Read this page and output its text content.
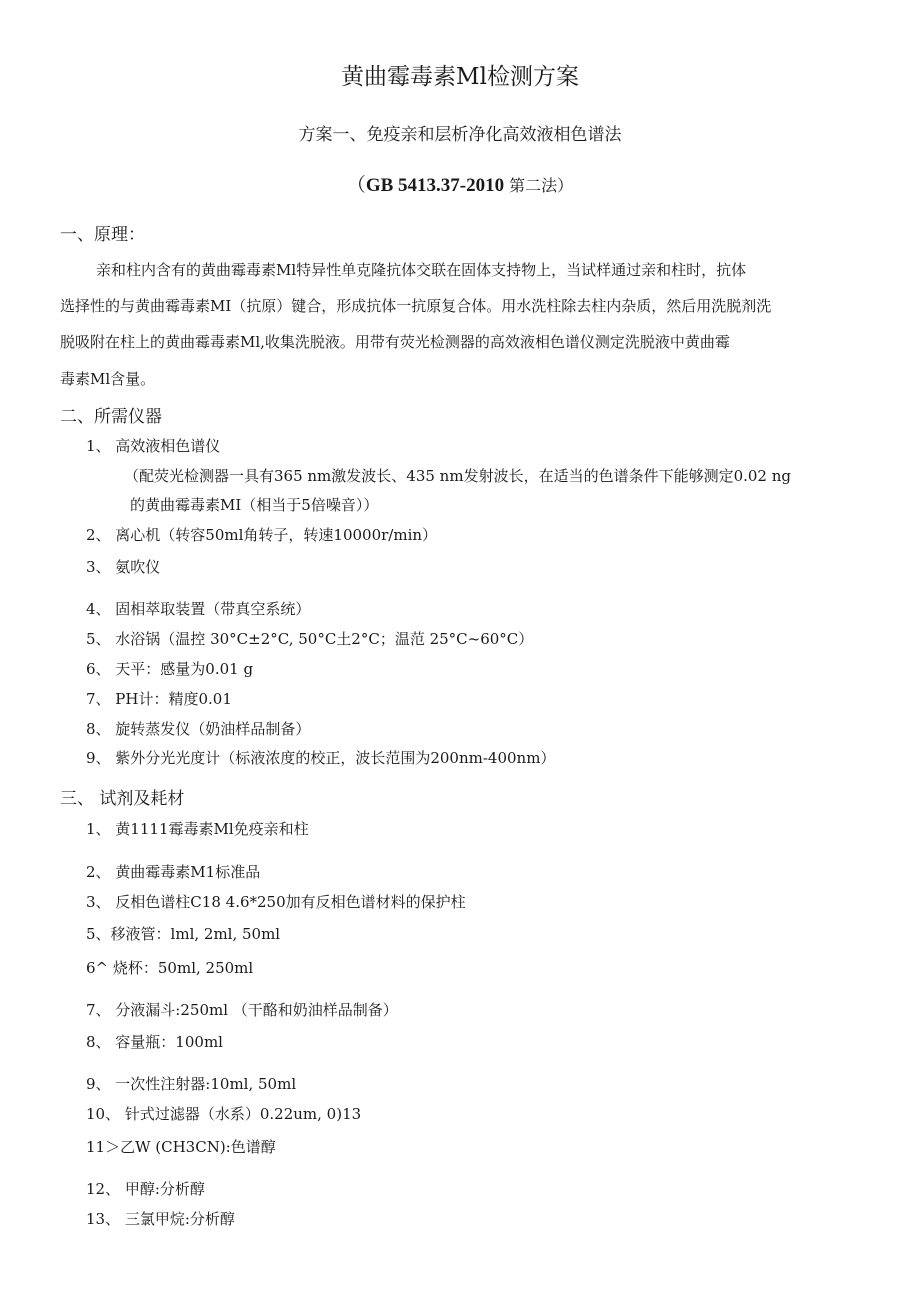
黄曲霉毒素Ml检测方案
方案一、免疫亲和层析净化高效液相色谱法
（GB 5413.37-2010 第二法）
一、原理：
亲和柱内含有的黄曲霉毒素Ml特异性单克隆抗体交联在固体支持物上，当试样通过亲和柱时，抗体
选择性的与黄曲霉毒素MI（抗原）键合，形成抗体一抗原复合体。用水洗柱除去柱内杂质，然后用洗脱剂洗
脱吸附在柱上的黄曲霉毒素Ml,收集洗脱液。用带有荧光检测器的高效液相色谱仪测定洗脱液中黄曲霉
毒素Ml含量。
二、所需仪器
1、 高效液相色谱仪
（配荧光检测器一具有365 nm激发波长、435 nm发射波长，在适当的色谱条件下能够测定0.02 ng
的黄曲霉毒素MI（相当于5倍噪音））
2、 离心机（转容50ml角转子，转速10000r/min）
3、 氨吹仪
4、 固相萃取装置（带真空系统）
5、 水浴锅（温控 30°C±2°C, 50°C土2°C；温范 25°C~60°C）
6、 天平：感量为0.01 g
7、 PH计：精度0.01
8、 旋转蒸发仪（奶油样品制备）
9、 紫外分光光度计（标液浓度的校正，波长范围为200nm-400nm）
三、 试剂及耗材
1、 黄1111霉毒素Ml免疫亲和柱
2、 黄曲霉毒素M1标准品
3、 反相色谱柱C18 4.6*250加有反相色谱材料的保护柱
5、移液管：lml, 2ml, 50ml
6^ 烧杯：50ml, 250ml
7、 分液漏斗:250ml （干酪和奶油样品制备）
8、 容量瓶：100ml
9、 一次性注射器:10ml, 50ml
10、 针式过滤器（水系）0.22um, 0)13
11＞乙W (CH3CN):色谱醇
12、 甲醇:分析醇
13、 三氯甲烷:分析醇
